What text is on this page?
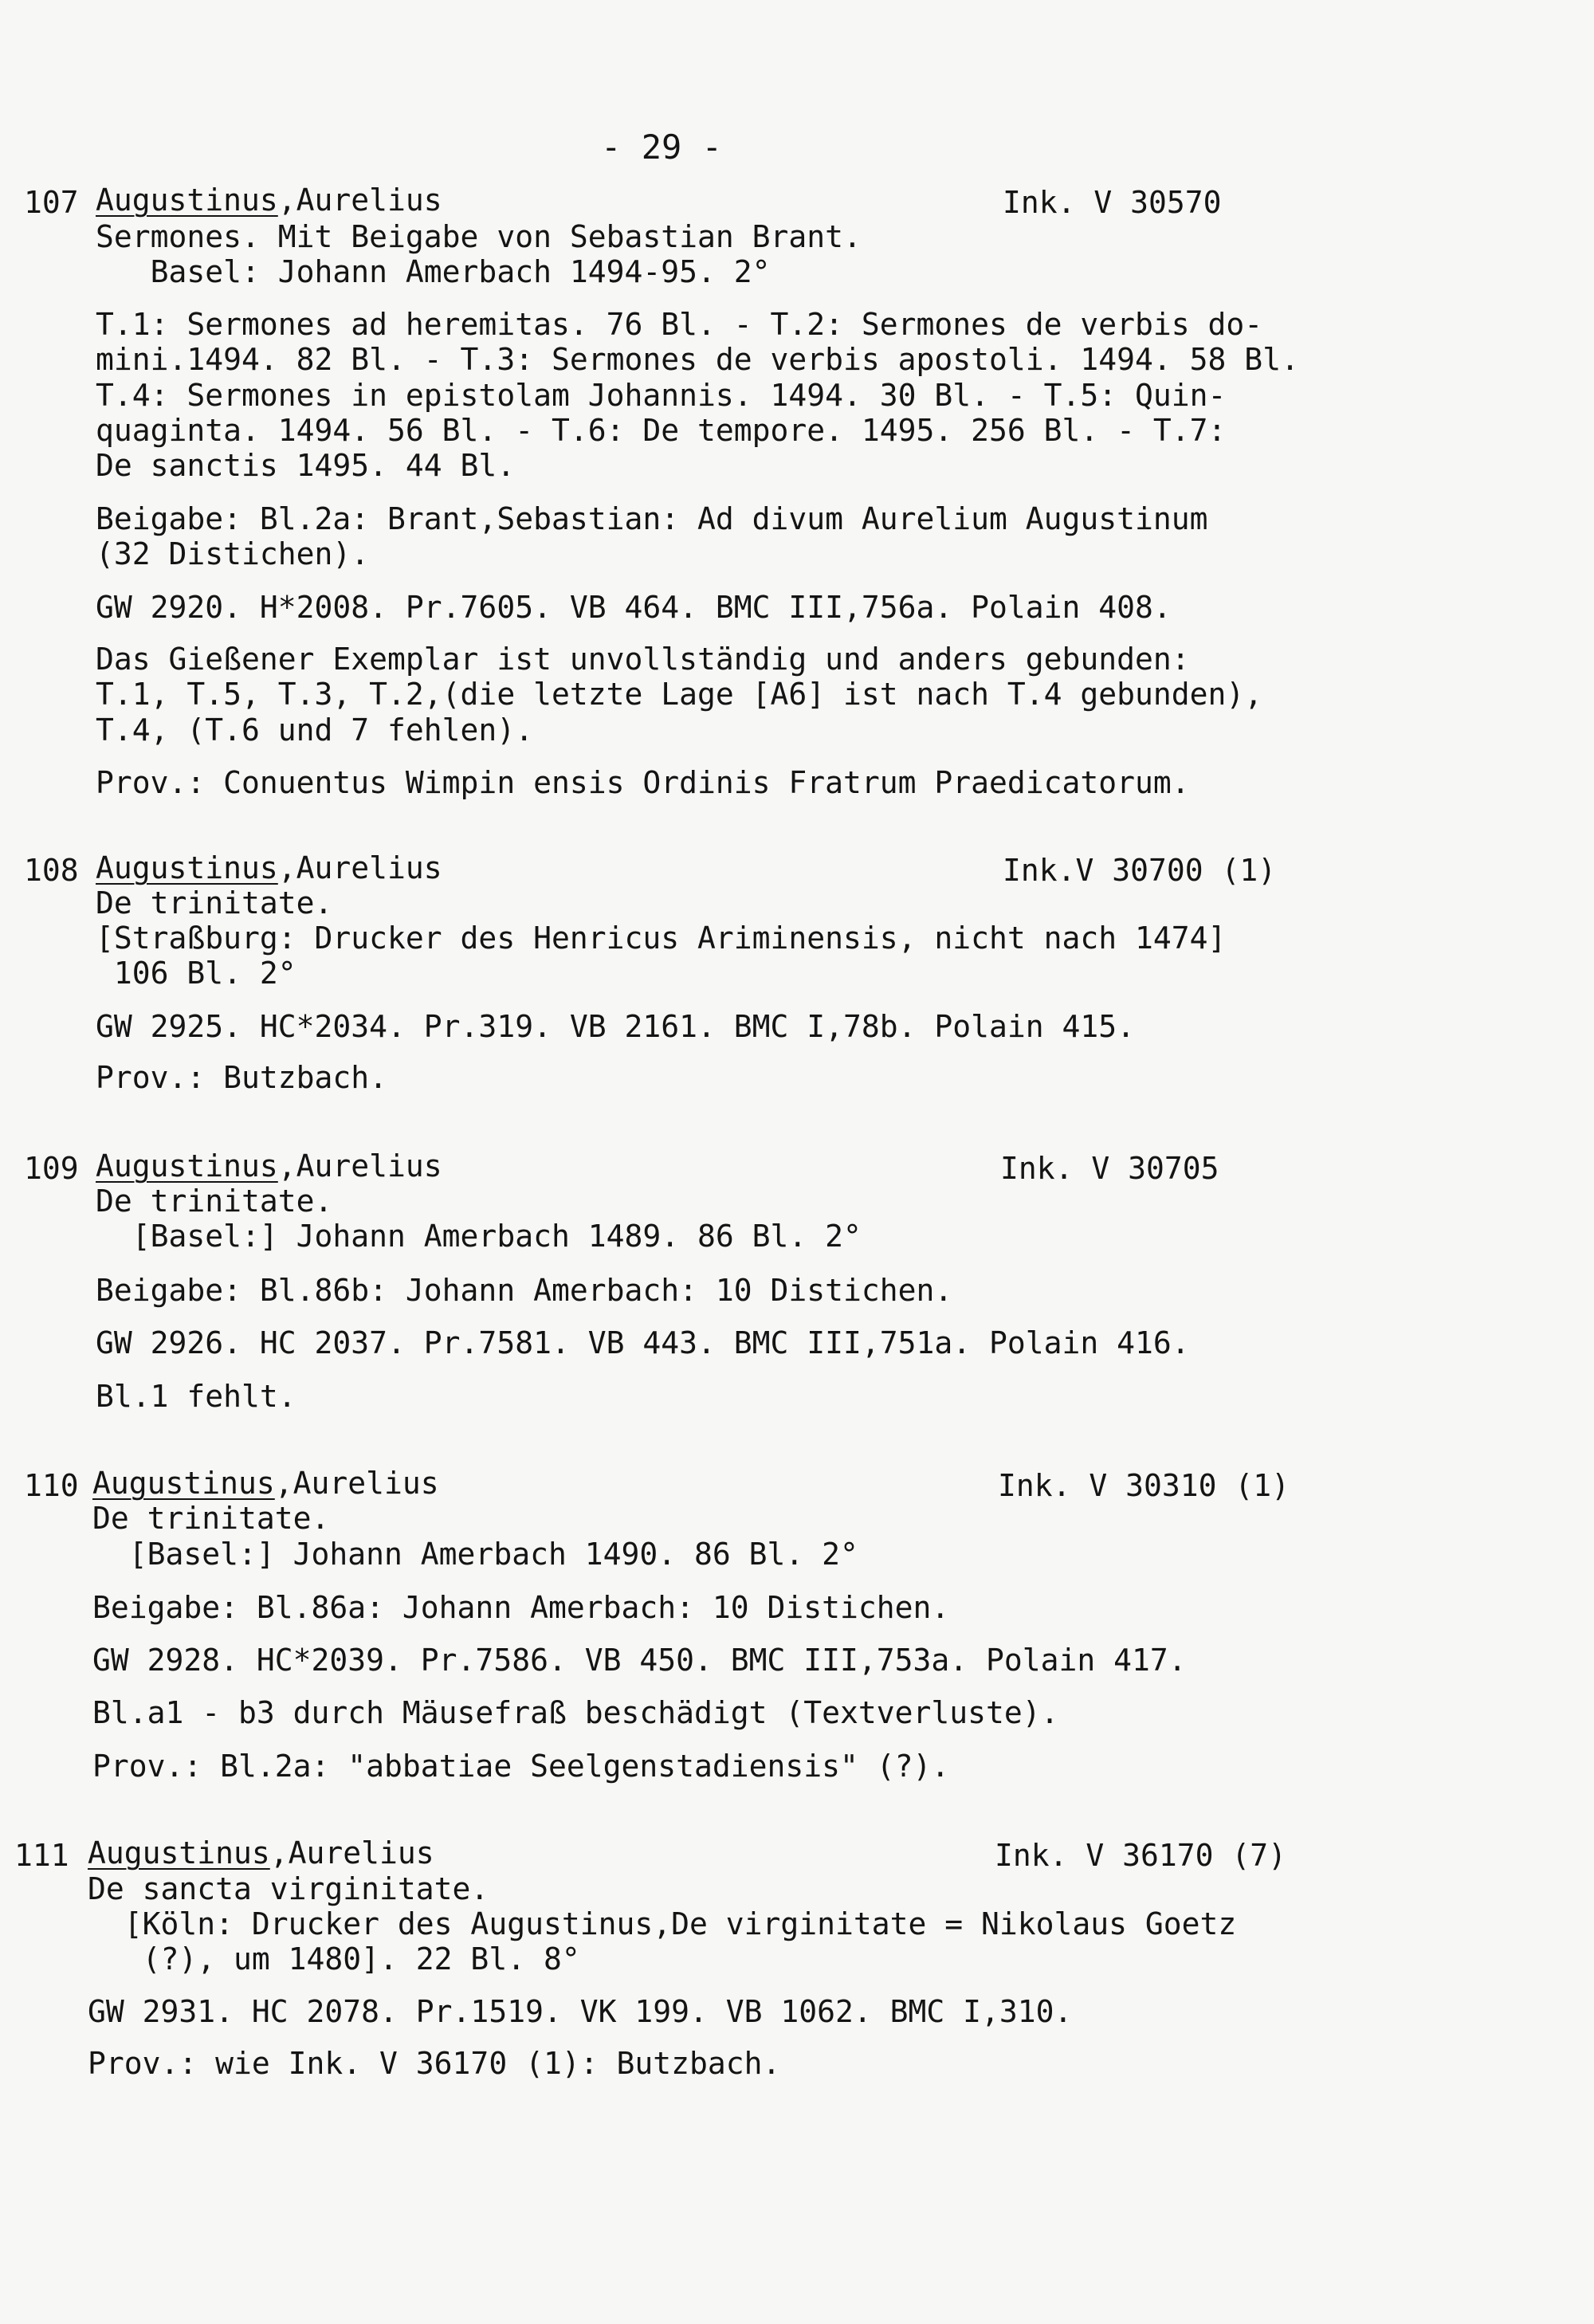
- 29 -
107 Augustinus,Aurelius	Ink. V 30570
Sermones. Mit Beigabe von Sebastian Brant.
Basel: Johann Amerbach 1494-95. 2°
T.1: Sermones ad heremitas. 76 Bl. - T.2: Sermones de verbis do-
mini.1494. 82 Bl. - T.3: Sermones de verbis apostoli. 1494. 58 Bl.
T.4: Sermones in epistolam Johannis. 1494. 30 Bl. - T.5: Quin-
quaginta. 1494. 56 Bl. - T.6: De tempore. 1495. 256 Bl. - T.7:
De sanctis 1495. 44 Bl.
Beigabe: Bl.2a: Brant,Sebastian: Ad divum Aurelium Augustinum
(32 Distichen).
GW 2920. H*2008. Pr.7605. VB 464. BMC III,756a. Polain 408.
Das Gießener Exemplar ist unvollständig und anders gebunden:
T.1, T.5, T.3, T.2,(die letzte Lage [A6] ist nach T.4 gebunden),
T.4, (T.6 und 7 fehlen).
Prov.: Conuentus Wimpin ensis Ordinis Fratrum Praedicatorum.
108 Augustinus,Aurelius	Ink.V 30700 (1)
De trinitate.
[Straßburg: Drucker des Henricus Ariminensis, nicht nach 1474]
106 Bl. 2°
GW 2925. HC*2034. Pr.319. VB 2161. BMC I,78b. Polain 415.
Prov.: Butzbach.
109 Augustinus,Aurelius	Ink. V 30705
De trinitate.
[Basel:] Johann Amerbach 1489. 86 Bl. 2°
Beigabe: Bl.86b: Johann Amerbach: 10 Distichen.
GW 2926. HC 2037. Pr.7581. VB 443. BMC III,751a. Polain 416.
Bl.1 fehlt.
110 Augustinus,Aurelius	Ink. V 30310 (1)
De trinitate.
[Basel:] Johann Amerbach 1490. 86 Bl. 2°
Beigabe: Bl.86a: Johann Amerbach: 10 Distichen.
GW 2928. HC*2039. Pr.7586. VB 450. BMC III,753a. Polain 417.
Bl.a1 - b3 durch Mäusefraß beschädigt (Textverluste).
Prov.: Bl.2a: "abbatiae Seelgenstadiensis" (?).
111 Augustinus,Aurelius	Ink. V 36170 (7)
De sancta virginitate.
[Köln: Drucker des Augustinus,De virginitate = Nikolaus Goetz
(?), um 1480]. 22 Bl. 8°
GW 2931. HC 2078. Pr.1519. VK 199. VB 1062. BMC I,310.
Prov.: wie Ink. V 36170 (1): Butzbach.
